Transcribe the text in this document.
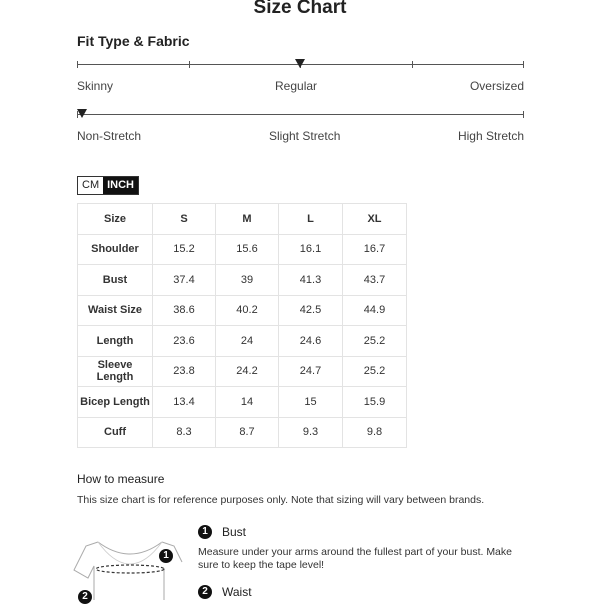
Size Chart
Fit Type & Fabric
Skinny	Regular	Oversized
Non-Stretch	Slight Stretch	High Stretch
CM INCH
Size	S	M	L	XL
Shoulder	15.2	15.6	16.1	16.7
Bust	37.4	39	41.3	43.7
Waist Size	38.6	40.2	42.5	44.9
Length	23.6	24	24.6	25.2
Sleeve Length	23.8	24.2	24.7	25.2
Bicep Length	13.4	14	15	15.9
Cuff	8.3	8.7	9.3	9.8
How to measure
This size chart is for reference purposes only. Note that sizing will vary between brands.
1
2
1	Bust
Measure under your arms around the fullest part of your bust. Make
sure to keep the tape level!
2	Waist
